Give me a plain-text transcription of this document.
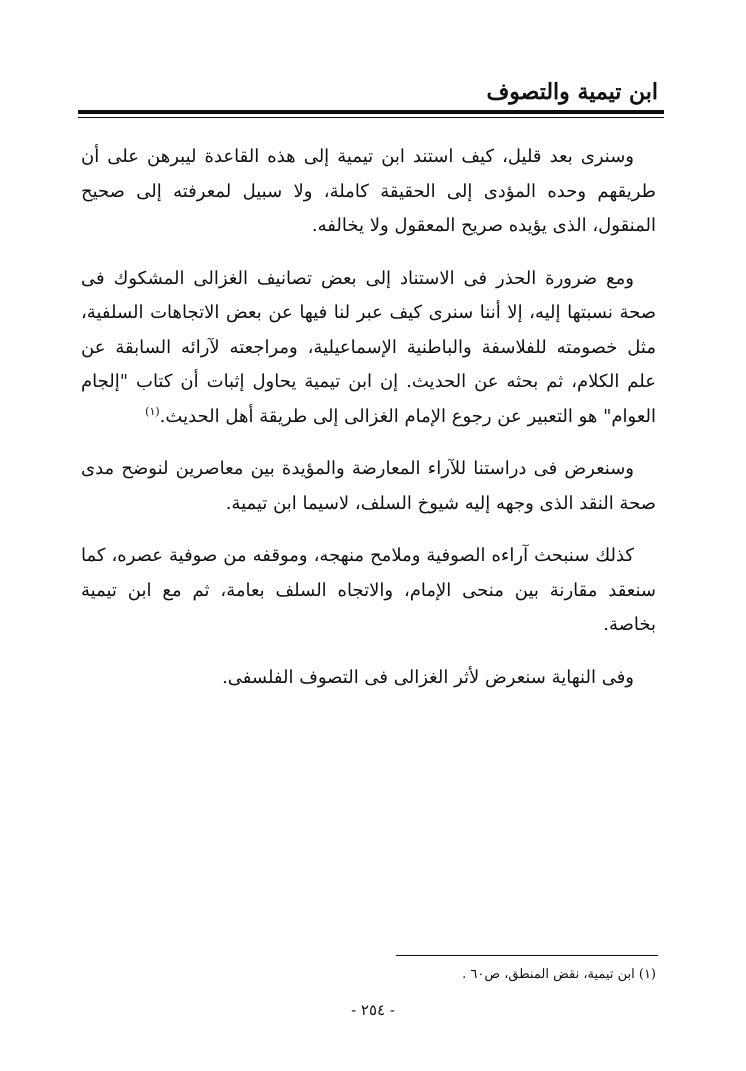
ابن تيمية والتصوف

وسنرى بعد قليل، كيف استند ابن تيمية إلى هذه القاعدة ليبرهن على أن طريقهم وحده المؤدى إلى الحقيقة كاملة، ولا سبيل لمعرفته إلى صحيح المنقول، الذى يؤيده صريح المعقول ولا يخالفه.

ومع ضرورة الحذر فى الاستناد إلى بعض تصانيف الغزالى المشكوك فى صحة نسبتها إليه، إلا أننا سنرى كيف عبر لنا فيها عن بعض الاتجاهات السلفية، مثل خصومته للفلاسفة والباطنية الإسماعيلية، ومراجعته لآرائه السابقة عن علم الكلام، ثم بحثه عن الحديث. إن ابن تيمية يحاول إثبات أن كتاب "إلجام العوام" هو التعبير عن رجوع الإمام الغزالى إلى طريقة أهل الحديث.$^{(١)}$

وسنعرض فى دراستنا للآراء المعارضة والمؤيدة بين معاصرين لنوضح مدى صحة النقد الذى وجهه إليه شيوخ السلف، لاسيما ابن تيمية.

كذلك سنبحث آراءه الصوفية وملامح منهجه، وموقفه من صوفية عصره، كما سنعقد مقارنة بين منحى الإمام، والاتجاه السلف بعامة، ثم مع ابن تيمية بخاصة.

وفى النهاية سنعرض لأثر الغزالى فى التصوف الفلسفى.

(١) ابن تيمية، نقض المنطق، ص٦٠ .

- ٢٥٤ -
